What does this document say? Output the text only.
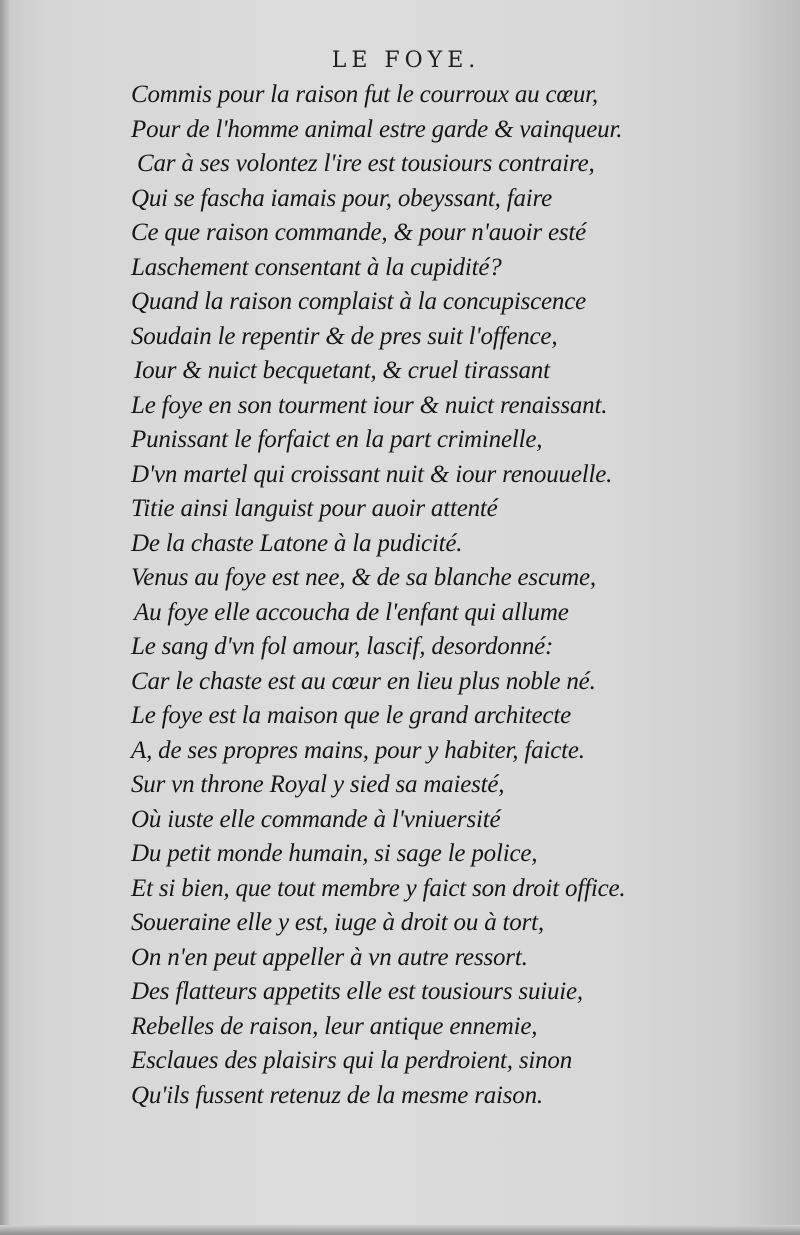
LE FOYE.
Commis pour la raison fut le courroux au cœur,
Pour de l'homme animal estre garde & vainqueur.
Car à ses volontez l'ire est tousiours contraire,
Qui se fascha iamais pour, obeyssant, faire
Ce que raison commande, & pour n'auoir esté
Laschement consentant à la cupidité?
Quand la raison complaist à la concupiscence
Soudain le repentir & de pres suit l'offence,
Iour & nuict becquetant, & cruel tirassant
Le foye en son tourment iour & nuict renaissant.
Punissant le forfaict en la part criminelle,
D'vn martel qui croissant nuit & iour renouuelle.
Titie ainsi languist pour auoir attenté
De la chaste Latone à la pudicité.
Venus au foye est nee, & de sa blanche escume,
Au foye elle accoucha de l'enfant qui allume
Le sang d'vn fol amour, lascif, desordonné:
Car le chaste est au cœur en lieu plus noble né.
Le foye est la maison que le grand architecte
A, de ses propres mains, pour y habiter, faicte.
Sur vn throne Royal y sied sa maiesté,
Où iuste elle commande à l'vniuersité
Du petit monde humain, si sage le police,
Et si bien, que tout membre y faict son droit office.
Soueraine elle y est, iuge à droit ou à tort,
On n'en peut appeller à vn autre ressort.
Des flatteurs appetits elle est tousiours suiuie,
Rebelles de raison, leur antique ennemie,
Esclaues des plaisirs qui la perdroient, sinon
Qu'ils fussent retenuz de la mesme raison.
